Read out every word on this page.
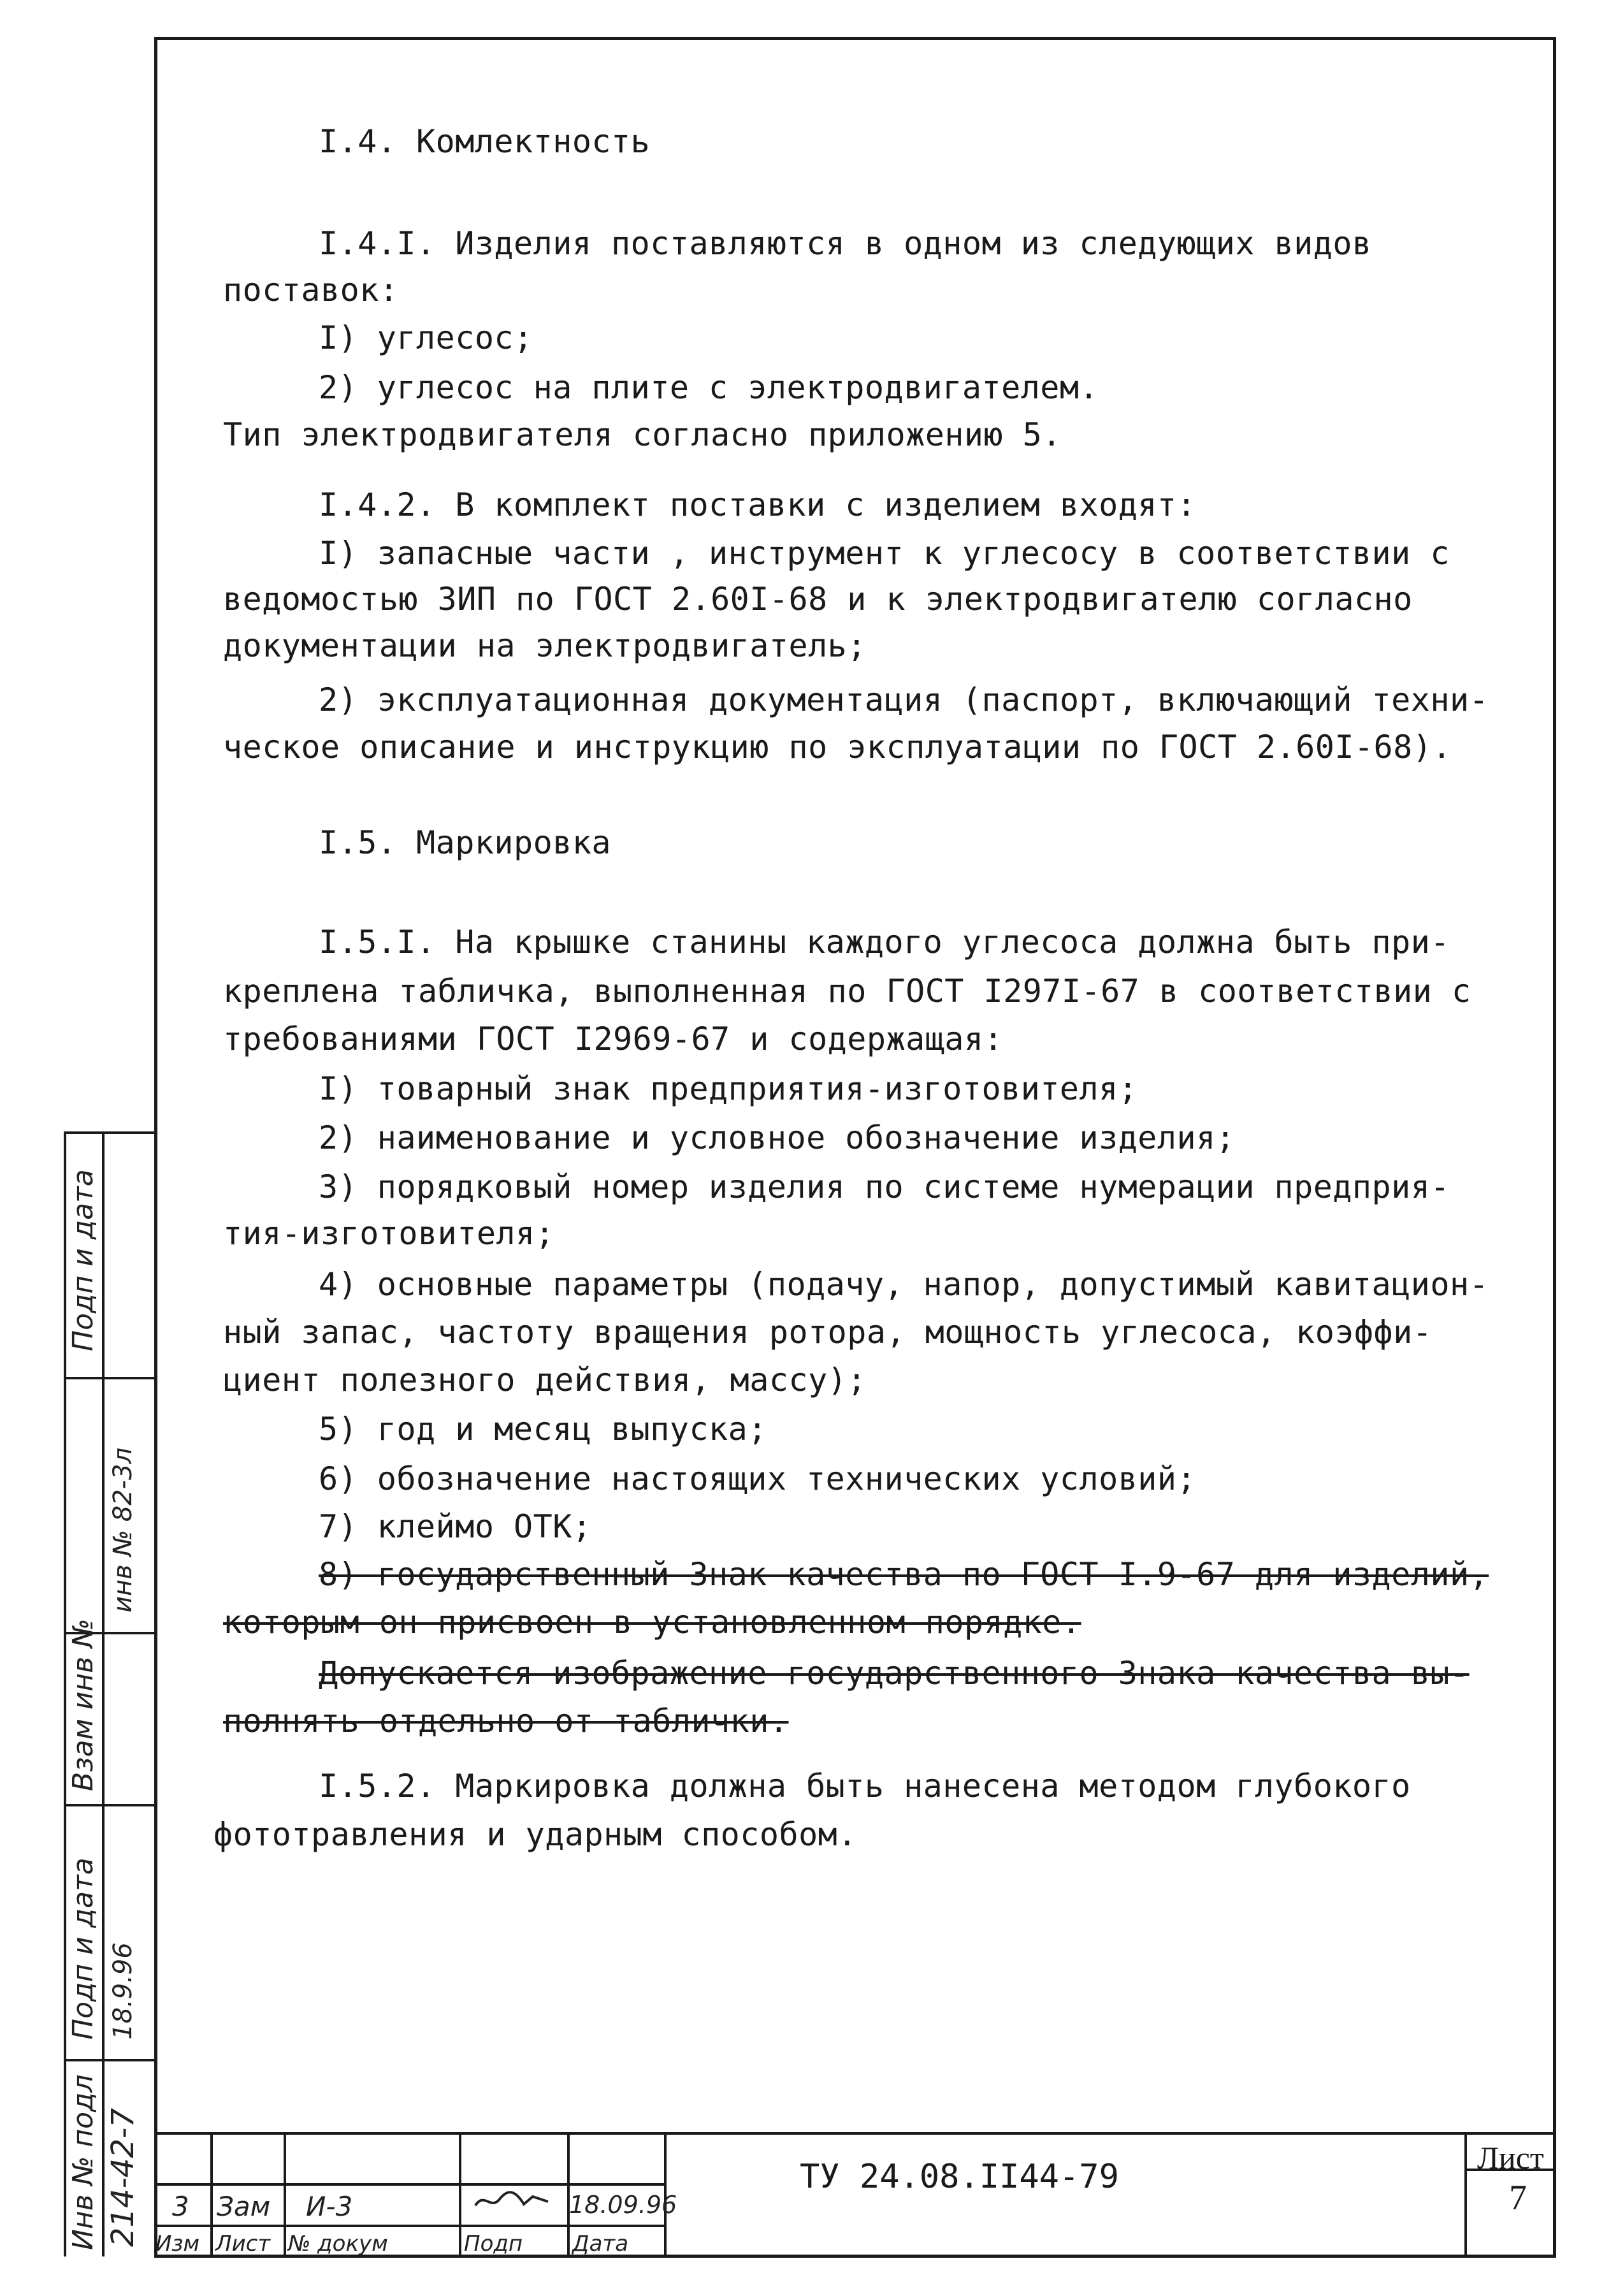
I.4. Комлектность
I.4.I. Изделия поставляются в одном из следующих видов
поставок:
I) углесос;
2) углесос на плите с электродвигателем.
Тип электродвигателя согласно приложению 5.
I.4.2. В комплект поставки с изделием входят:
I) запасные части , инструмент к углесосу в соответствии с
ведомостью ЗИП по ГОСТ 2.60I-68 и к электродвигателю согласно
документации на электродвигатель;
2) эксплуатационная документация (паспорт, включающий техни-
ческое описание и инструкцию по эксплуатации по ГОСТ 2.60I-68).
I.5. Маркировка
I.5.I. На крышке станины каждого углесоса должна быть при-
креплена табличка, выполненная по ГОСТ I297I-67 в соответствии с
требованиями ГОСТ I2969-67 и содержащая:
I) товарный знак предприятия-изготовителя;
2) наименование и условное обозначение изделия;
3) порядковый номер изделия по системе нумерации предприя-
тия-изготовителя;
4) основные параметры (подачу, напор, допустимый кавитацион-
ный запас, частоту вращения ротора, мощность углесоса, коэффи-
циент полезного действия, массу);
5) год и месяц выпуска;
6) обозначение настоящих технических условий;
7) клеймо ОТК;
8) государственный Знак качества по ГОСТ I.9-67 для изделий,
которым он присвоен в установленном порядке.
Допускается изображение государственного Знака качества вы-
полнять отдельно от таблички.
I.5.2. Маркировка должна быть нанесена методом глубокого
фототравления и ударным способом.
Подп и дата
Взам инв №
Подп и дата
Инв № подл
инв № 82-3л
18.9.96
214-42-7 3 Зам И-3	18.09.96
Изм Лист № докум	Подп Дата
ТУ 24.08.II44-79	Лист
7
